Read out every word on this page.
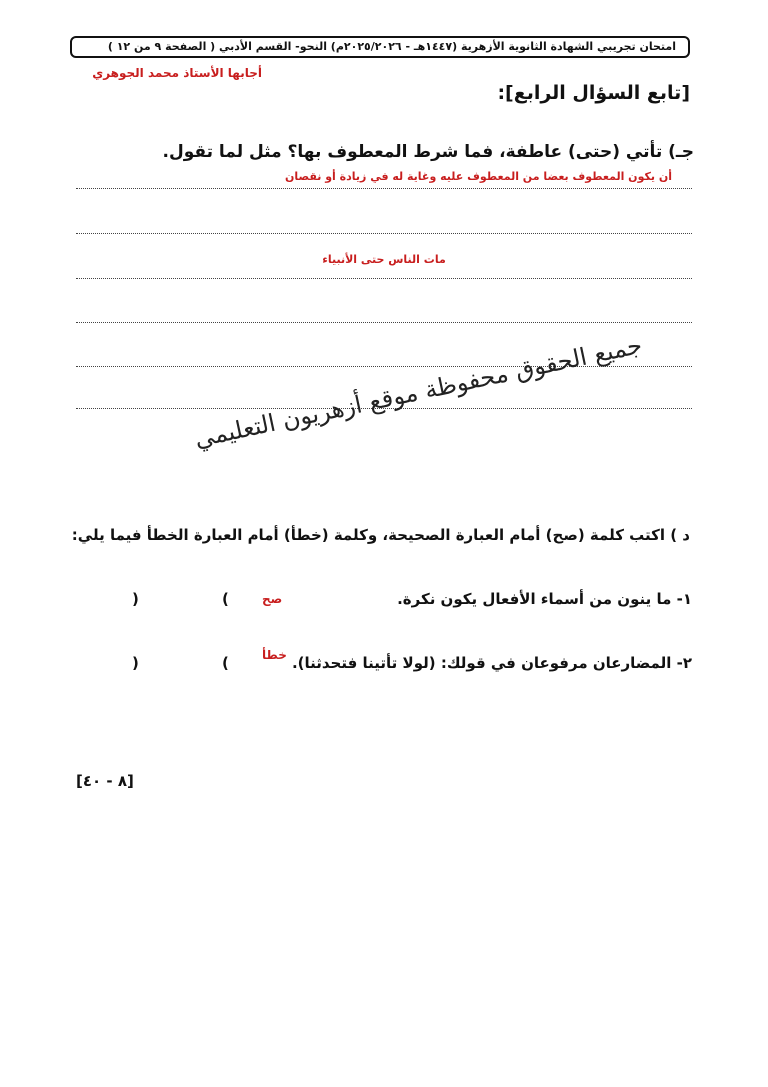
امتحان تجريبي الشهادة الثانوية الأزهرية (١٤٤٧هـ - ٢٠٢٥/٢٠٢٦م) النحو- القسم الأدبي ( الصفحة ٩ من ١٢ )
أجابها الأستاذ محمد الجوهري
[تابع السؤال الرابع]:
جـ) تأتي (حتى) عاطفة، فما شرط المعطوف بها؟ مثل لما تقول.
أن يكون المعطوف بعضا من المعطوف عليه وغاية له في زيادة أو نقصان
مات الناس حتى الأنبياء
جميع الحقوق محفوظة موقع أزهريون التعليمي
د ) اكتب كلمة (صح) أمام العبارة الصحيحة، وكلمة (خطأ) أمام العبارة الخطأ فيما يلي:
١- ما ينون من أسماء الأفعال يكون نكرة.
(	صح
)
٢- المضارعان مرفوعان في قولك: (لولا تأتينا فتحدثنا).
(	خطأ
)
[٨ - ٤٠]
